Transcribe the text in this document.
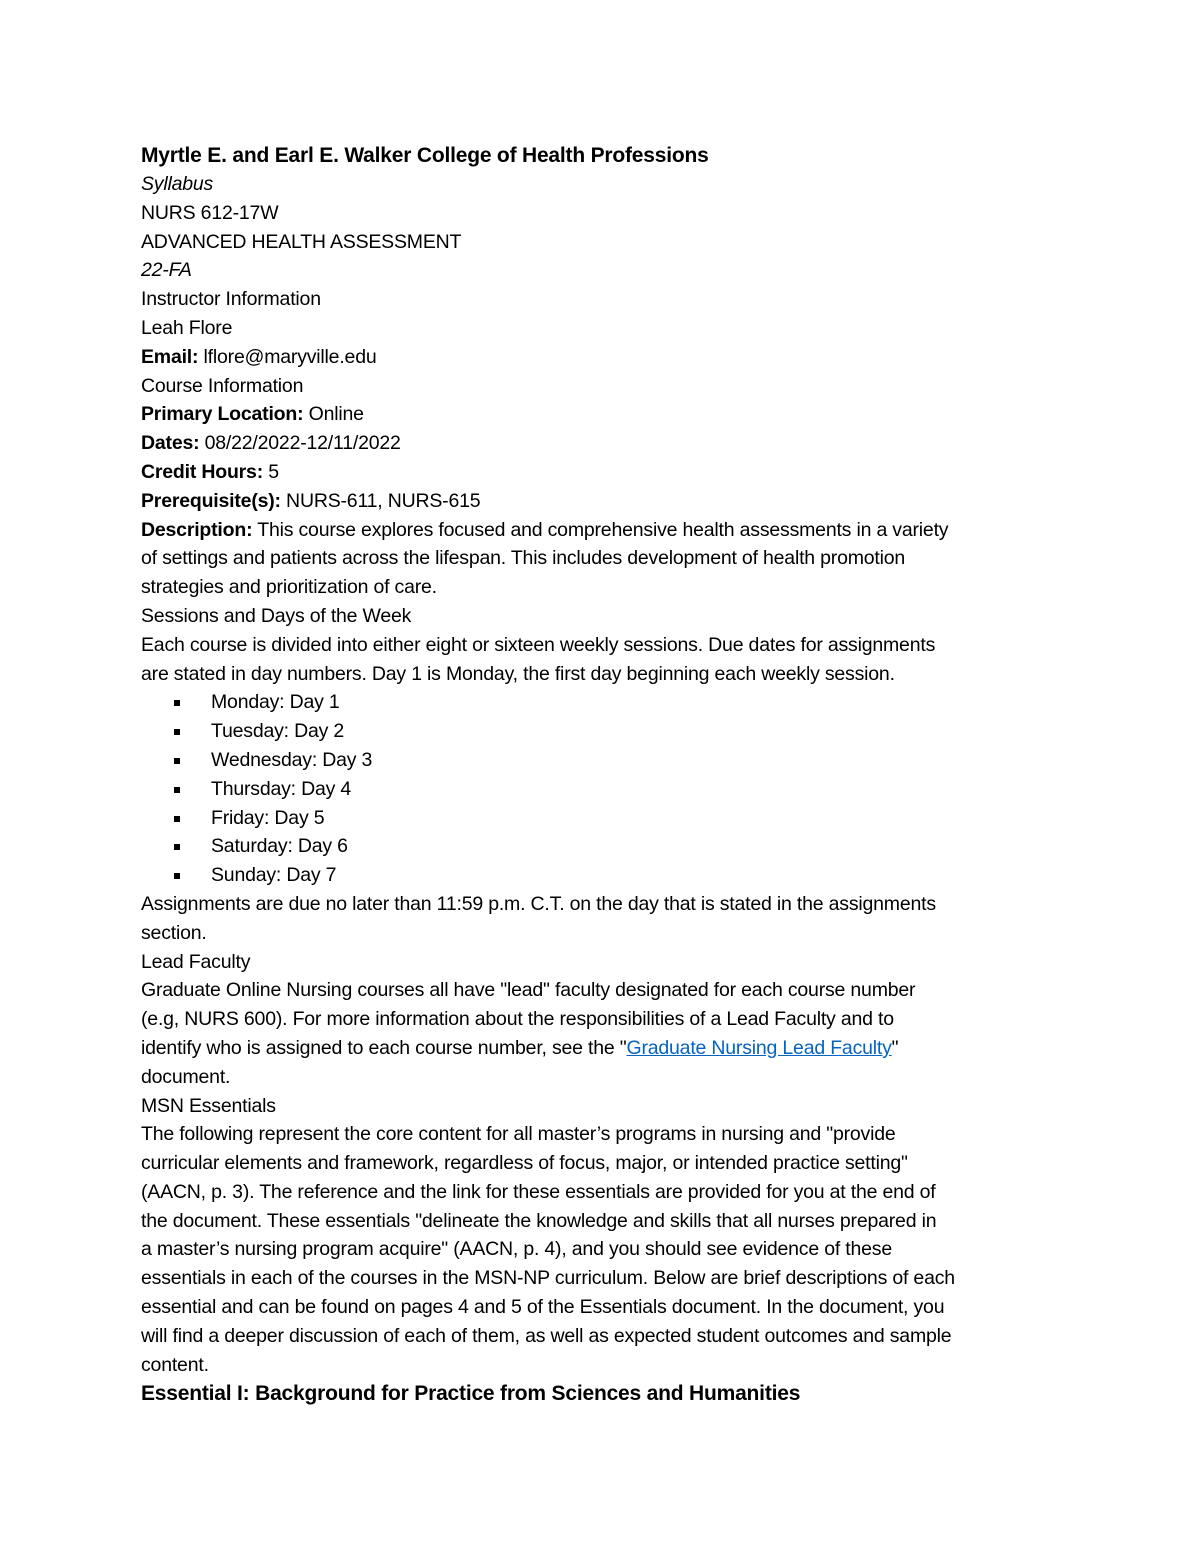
Myrtle E. and Earl E. Walker College of Health Professions
Syllabus
NURS 612-17W
ADVANCED HEALTH ASSESSMENT
22-FA
Instructor Information
Leah Flore
Email: lflore@maryville.edu
Course Information
Primary Location: Online
Dates: 08/22/2022-12/11/2022
Credit Hours: 5
Prerequisite(s): NURS-611, NURS-615
Description: This course explores focused and comprehensive health assessments in a variety
of settings and patients across the lifespan. This includes development of health promotion
strategies and prioritization of care.
Sessions and Days of the Week
Each course is divided into either eight or sixteen weekly sessions. Due dates for assignments
are stated in day numbers. Day 1 is Monday, the first day beginning each weekly session.
Monday: Day 1
Tuesday: Day 2
Wednesday: Day 3
Thursday: Day 4
Friday: Day 5
Saturday: Day 6
Sunday: Day 7
Assignments are due no later than 11:59 p.m. C.T. on the day that is stated in the assignments
section.
Lead Faculty
Graduate Online Nursing courses all have "lead" faculty designated for each course number
(e.g, NURS 600). For more information about the responsibilities of a Lead Faculty and to
identify who is assigned to each course number, see the "Graduate Nursing Lead Faculty"
document.
MSN Essentials
The following represent the core content for all master’s programs in nursing and "provide
curricular elements and framework, regardless of focus, major, or intended practice setting"
(AACN, p. 3). The reference and the link for these essentials are provided for you at the end of
the document. These essentials "delineate the knowledge and skills that all nurses prepared in
a master’s nursing program acquire" (AACN, p. 4), and you should see evidence of these
essentials in each of the courses in the MSN-NP curriculum. Below are brief descriptions of each
essential and can be found on pages 4 and 5 of the Essentials document. In the document, you
will find a deeper discussion of each of them, as well as expected student outcomes and sample
content.
Essential I: Background for Practice from Sciences and Humanities
